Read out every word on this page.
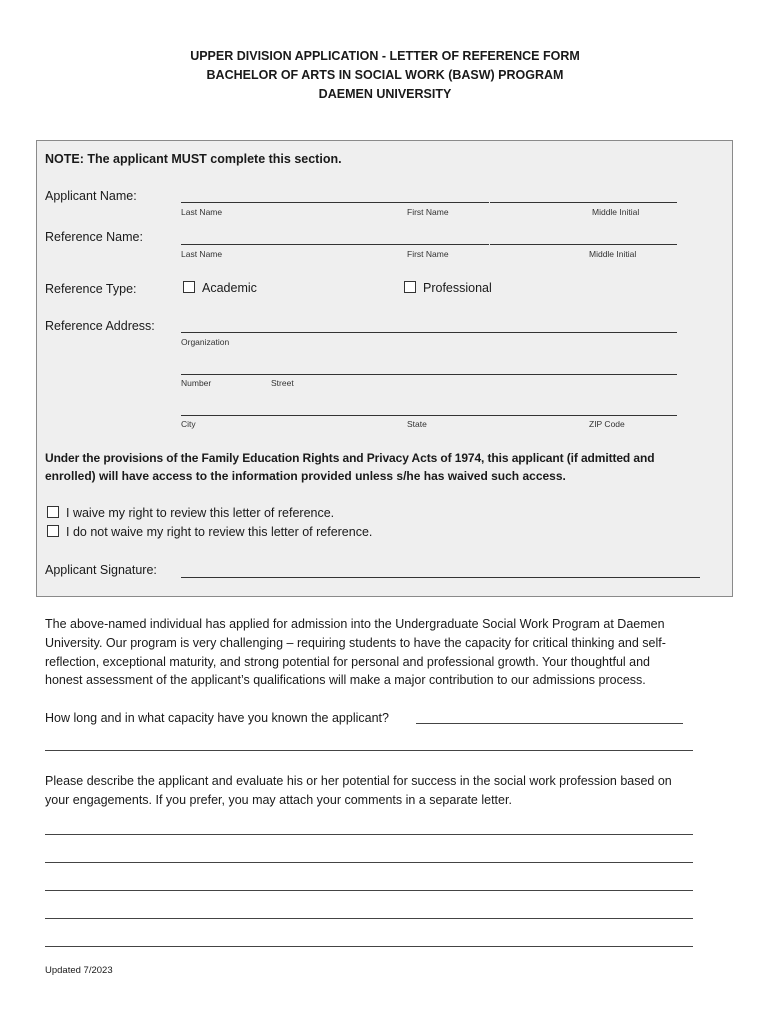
UPPER DIVISION APPLICATION - LETTER OF REFERENCE FORM
BACHELOR OF ARTS IN SOCIAL WORK (BASW) PROGRAM
DAEMEN UNIVERSITY
NOTE: The applicant MUST complete this section.
Applicant Name:
Last Name	First Name	Middle Initial
Reference Name:
Last Name	First Name	Middle Initial
Reference Type:	Academic	Professional
Reference Address:
Organization
Number	Street
City	State	ZIP Code
Under the provisions of the Family Education Rights and Privacy Acts of 1974, this applicant (if admitted and
enrolled) will have access to the information provided unless s/he has waived such access.
I waive my right to review this letter of reference.
I do not waive my right to review this letter of reference.
Applicant Signature:
The above-named individual has applied for admission into the Undergraduate Social Work Program at Daemen
University. Our program is very challenging – requiring students to have the capacity for critical thinking and self-
reflection, exceptional maturity, and strong potential for personal and professional growth. Your thoughtful and
honest assessment of the applicant’s qualifications will make a major contribution to our admissions process.
How long and in what capacity have you known the applicant?
Please describe the applicant and evaluate his or her potential for success in the social work profession based on
your engagements. If you prefer, you may attach your comments in a separate letter.
Updated 7/2023
